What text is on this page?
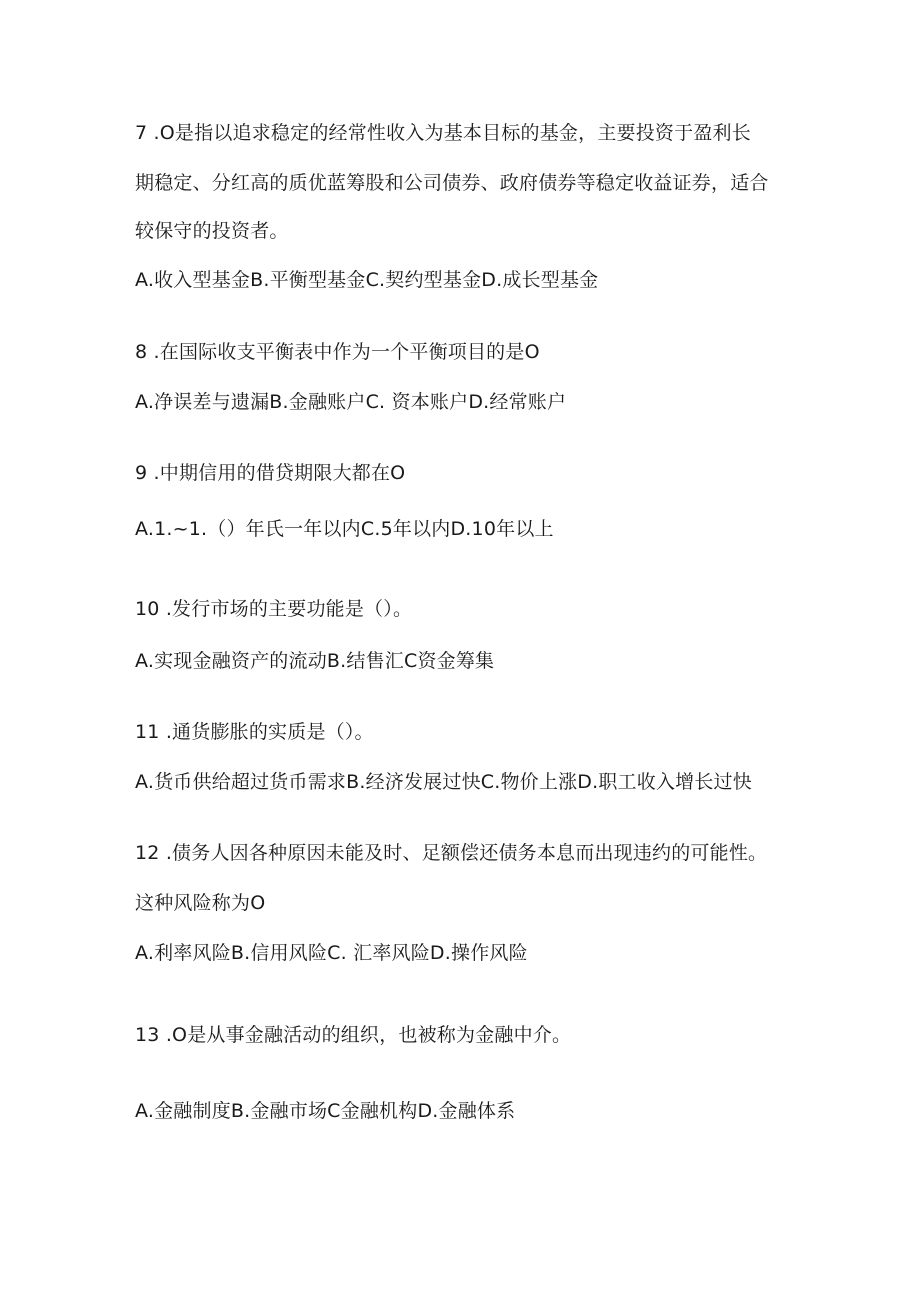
7 .O是指以追求稳定的经常性收入为基本目标的基金，主要投资于盈利长
期稳定、分红高的质优蓝筹股和公司债券、政府债券等稳定收益证券，适合
较保守的投资者。
A.收入型基金B.平衡型基金C.契约型基金D.成长型基金
8 .在国际收支平衡表中作为一个平衡项目的是O
A.净误差与遗漏B.金融账户C. 资本账户D.经常账户
9 .中期信用的借贷期限大都在O
A.1.~1.（）年氏一年以内C.5年以内D.10年以上
10 .发行市场的主要功能是（）。
A.实现金融资产的流动B.结售汇C资金筹集
11 .通货膨胀的实质是（）。
A.货币供给超过货币需求B.经济发展过快C.物价上涨D.职工收入增长过快
12 .债务人因各种原因未能及时、足额偿还债务本息而出现违约的可能性。
这种风险称为O
A.利率风险B.信用风险C. 汇率风险D.操作风险
13 .O是从事金融活动的组织，也被称为金融中介。
A.金融制度B.金融市场C金融机构D.金融体系
